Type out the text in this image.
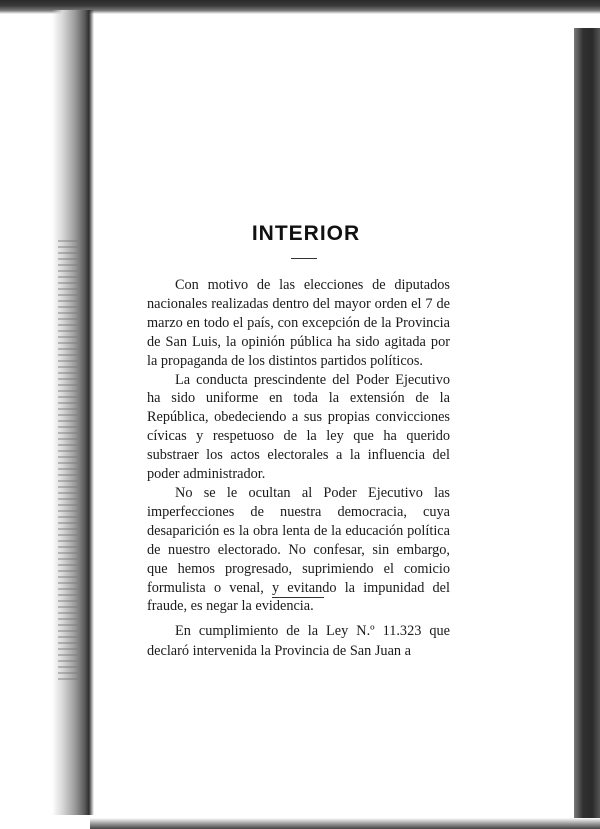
INTERIOR

Con motivo de las elecciones de diputados nacionales realizadas dentro del mayor orden el 7 de marzo en todo el país, con excepción de la Provincia de San Luis, la opinión pública ha sido agitada por la propaganda de los distintos partidos políticos.

La conducta prescindente del Poder Ejecutivo ha sido uniforme en toda la extensión de la República, obedeciendo a sus propias convicciones cívicas y respetuoso de la ley que ha querido substraer los actos electorales a la influencia del poder administrador.

No se le ocultan al Poder Ejecutivo las imperfecciones de nuestra democracia, cuya desaparición es la obra lenta de la educación política de nuestro electorado. No confesar, sin embargo, que hemos progresado, suprimiendo el comicio formulista o venal, y evitando la impunidad del fraude, es negar la evidencia.

En cumplimiento de la Ley N.º 11.323 que declaró intervenida la Provincia de San Juan a
